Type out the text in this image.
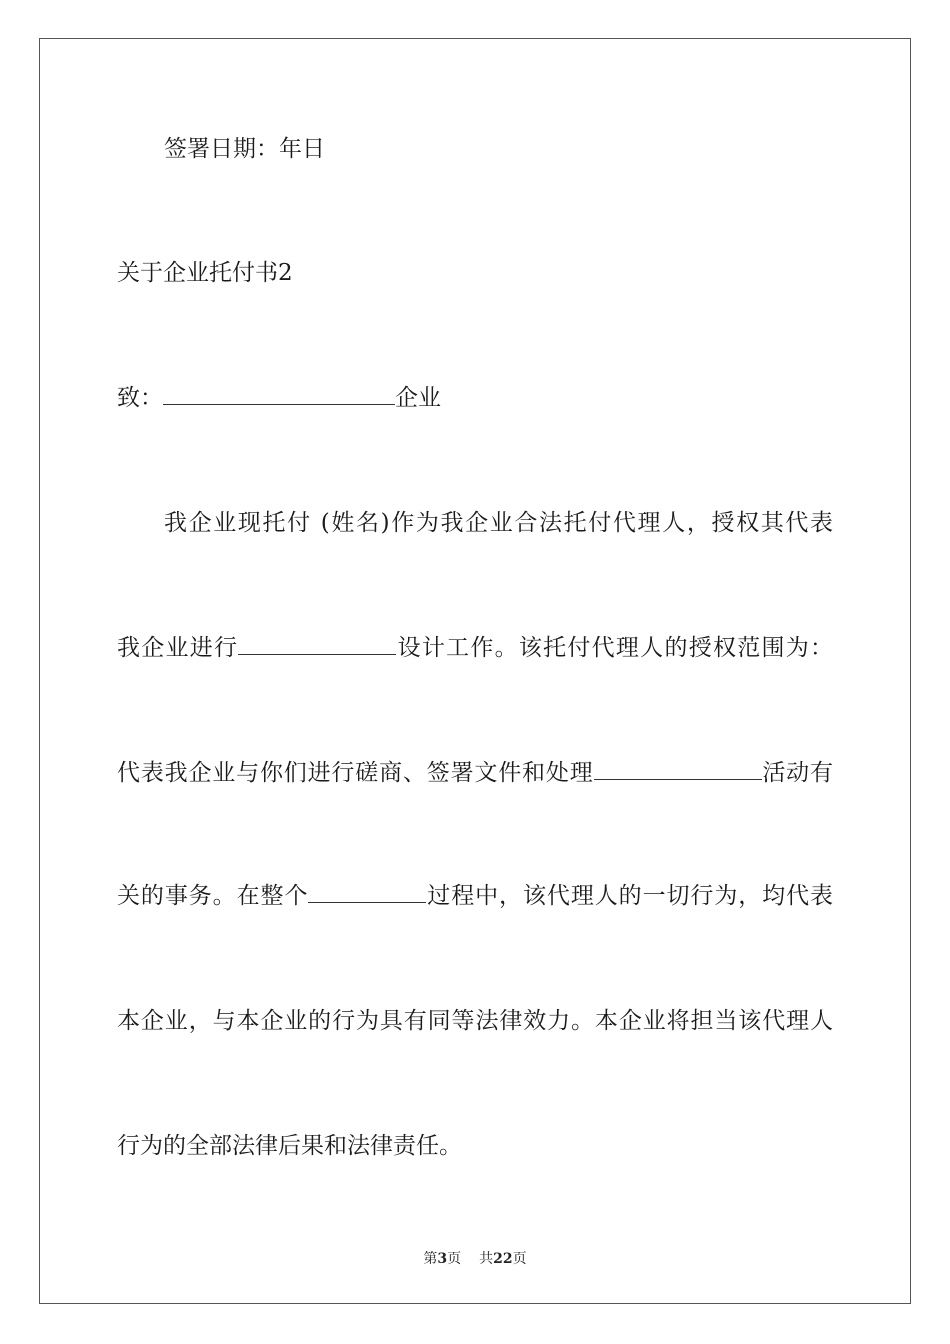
签署日期：年日
关于企业托付书2
致：	企业
我企业现托付 (姓名)作为我企业合法托付代理人，授权其代表
我企业进行	设计工作。该托付代理人的授权范围为：
代表我企业与你们进行磋商、签署文件和处理	活动有
关的事务。在整个	过程中，该代理人的一切行为，均代表
本企业，与本企业的行为具有同等法律效力。本企业将担当该代理人
行为的全部法律后果和法律责任。
第3页 共22页
